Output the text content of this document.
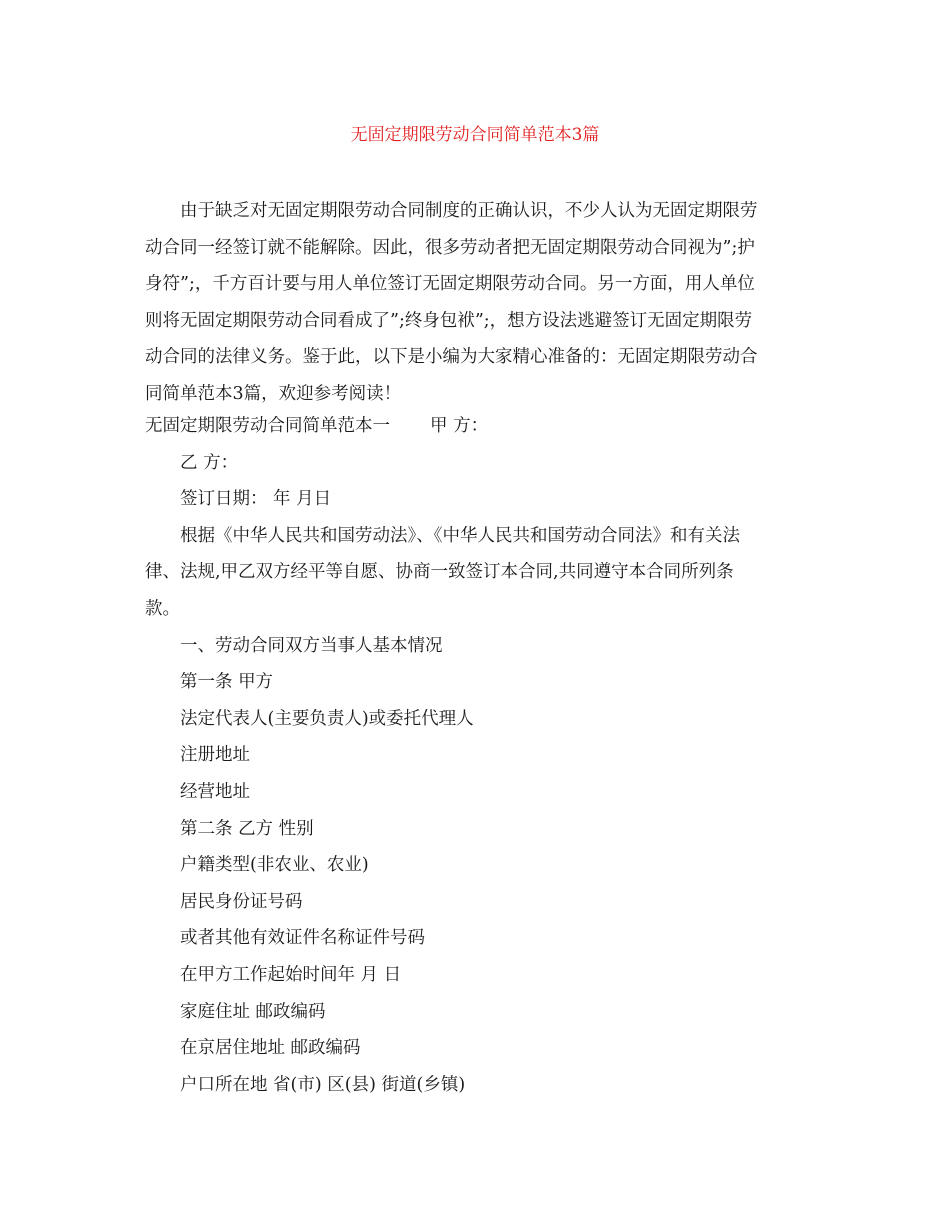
无固定期限劳动合同简单范本3篇
由于缺乏对无固定期限劳动合同制度的正确认识，不少人认为无固定期限劳
动合同一经签订就不能解除。因此，很多劳动者把无固定期限劳动合同视为”;护
身符”;，千方百计要与用人单位签订无固定期限劳动合同。另一方面，用人单位
则将无固定期限劳动合同看成了”;终身包袱”;，想方设法逃避签订无固定期限劳
动合同的法律义务。鉴于此，以下是小编为大家精心准备的：无固定期限劳动合
同简单范本3篇，欢迎参考阅读！
无固定期限劳动合同简单范本一 甲 方：
乙 方：
签订日期： 年 月日
根据《中华人民共和国劳动法》、《中华人民共和国劳动合同法》和有关法
律、法规,甲乙双方经平等自愿、协商一致签订本合同,共同遵守本合同所列条
款。
一、劳动合同双方当事人基本情况
第一条 甲方
法定代表人(主要负责人)或委托代理人
注册地址
经营地址
第二条 乙方 性别
户籍类型(非农业、农业)
居民身份证号码
或者其他有效证件名称证件号码
在甲方工作起始时间年 月 日
家庭住址 邮政编码
在京居住地址 邮政编码
户口所在地 省(市) 区(县) 街道(乡镇)
